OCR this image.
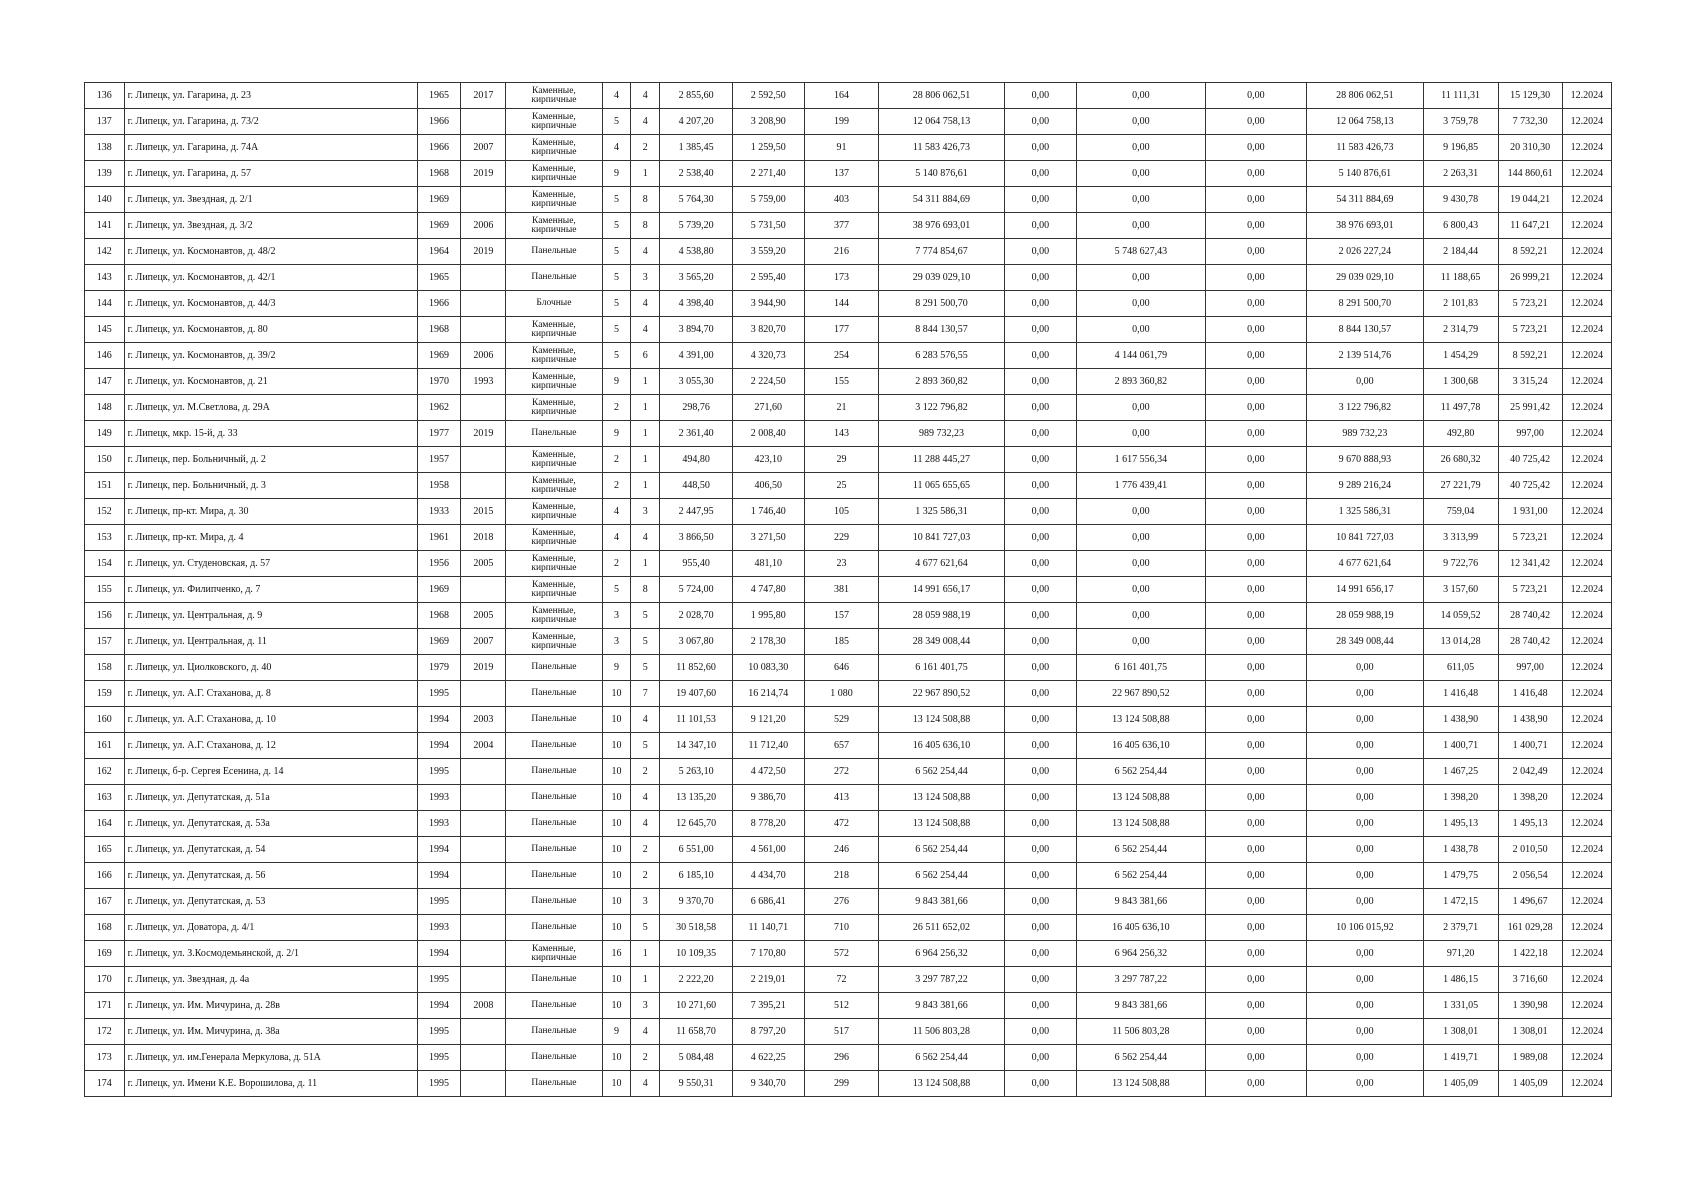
136	г. Липецк, ул. Гагарина, д. 23	1965	2017	Каменные, кирпичные	4	4	2 855,60	2 592,50	164	28 806 062,51	0,00	0,00	0,00	28 806 062,51	11 111,31	15 129,30	12.2024
137	г. Липецк, ул. Гагарина, д. 73/2	1966		Каменные, кирпичные	5	4	4 207,20	3 208,90	199	12 064 758,13	0,00	0,00	0,00	12 064 758,13	3 759,78	7 732,30	12.2024
138	г. Липецк, ул. Гагарина, д. 74А	1966	2007	Каменные, кирпичные	4	2	1 385,45	1 259,50	91	11 583 426,73	0,00	0,00	0,00	11 583 426,73	9 196,85	20 310,30	12.2024
139	г. Липецк, ул. Гагарина, д. 57	1968	2019	Каменные, кирпичные	9	1	2 538,40	2 271,40	137	5 140 876,61	0,00	0,00	0,00	5 140 876,61	2 263,31	144 860,61	12.2024
140	г. Липецк, ул. Звездная, д. 2/1	1969		Каменные, кирпичные	5	8	5 764,30	5 759,00	403	54 311 884,69	0,00	0,00	0,00	54 311 884,69	9 430,78	19 044,21	12.2024
141	г. Липецк, ул. Звездная, д. 3/2	1969	2006	Каменные, кирпичные	5	8	5 739,20	5 731,50	377	38 976 693,01	0,00	0,00	0,00	38 976 693,01	6 800,43	11 647,21	12.2024
142	г. Липецк, ул. Космонавтов, д. 48/2	1964	2019	Панельные	5	4	4 538,80	3 559,20	216	7 774 854,67	0,00	5 748 627,43	0,00	2 026 227,24	2 184,44	8 592,21	12.2024
143	г. Липецк, ул. Космонавтов, д. 42/1	1965		Панельные	5	3	3 565,20	2 595,40	173	29 039 029,10	0,00	0,00	0,00	29 039 029,10	11 188,65	26 999,21	12.2024
144	г. Липецк, ул. Космонавтов, д. 44/3	1966		Блочные	5	4	4 398,40	3 944,90	144	8 291 500,70	0,00	0,00	0,00	8 291 500,70	2 101,83	5 723,21	12.2024
145	г. Липецк, ул. Космонавтов, д. 80	1968		Каменные, кирпичные	5	4	3 894,70	3 820,70	177	8 844 130,57	0,00	0,00	0,00	8 844 130,57	2 314,79	5 723,21	12.2024
146	г. Липецк, ул. Космонавтов, д. 39/2	1969	2006	Каменные, кирпичные	5	6	4 391,00	4 320,73	254	6 283 576,55	0,00	4 144 061,79	0,00	2 139 514,76	1 454,29	8 592,21	12.2024
147	г. Липецк, ул. Космонавтов, д. 21	1970	1993	Каменные, кирпичные	9	1	3 055,30	2 224,50	155	2 893 360,82	0,00	2 893 360,82	0,00	0,00	1 300,68	3 315,24	12.2024
148	г. Липецк, ул. М.Светлова, д. 29А	1962		Каменные, кирпичные	2	1	298,76	271,60	21	3 122 796,82	0,00	0,00	0,00	3 122 796,82	11 497,78	25 991,42	12.2024
149	г. Липецк, мкр. 15-й, д. 33	1977	2019	Панельные	9	1	2 361,40	2 008,40	143	989 732,23	0,00	0,00	0,00	989 732,23	492,80	997,00	12.2024
150	г. Липецк, пер. Больничный, д. 2	1957		Каменные, кирпичные	2	1	494,80	423,10	29	11 288 445,27	0,00	1 617 556,34	0,00	9 670 888,93	26 680,32	40 725,42	12.2024
151	г. Липецк, пер. Больничный, д. 3	1958		Каменные, кирпичные	2	1	448,50	406,50	25	11 065 655,65	0,00	1 776 439,41	0,00	9 289 216,24	27 221,79	40 725,42	12.2024
152	г. Липецк, пр-кт. Мира, д. 30	1933	2015	Каменные, кирпичные	4	3	2 447,95	1 746,40	105	1 325 586,31	0,00	0,00	0,00	1 325 586,31	759,04	1 931,00	12.2024
153	г. Липецк, пр-кт. Мира, д. 4	1961	2018	Каменные, кирпичные	4	4	3 866,50	3 271,50	229	10 841 727,03	0,00	0,00	0,00	10 841 727,03	3 313,99	5 723,21	12.2024
154	г. Липецк, ул. Студеновская, д. 57	1956	2005	Каменные, кирпичные	2	1	955,40	481,10	23	4 677 621,64	0,00	0,00	0,00	4 677 621,64	9 722,76	12 341,42	12.2024
155	г. Липецк, ул. Филипченко, д. 7	1969		Каменные, кирпичные	5	8	5 724,00	4 747,80	381	14 991 656,17	0,00	0,00	0,00	14 991 656,17	3 157,60	5 723,21	12.2024
156	г. Липецк, ул. Центральная, д. 9	1968	2005	Каменные, кирпичные	3	5	2 028,70	1 995,80	157	28 059 988,19	0,00	0,00	0,00	28 059 988,19	14 059,52	28 740,42	12.2024
157	г. Липецк, ул. Центральная, д. 11	1969	2007	Каменные, кирпичные	3	5	3 067,80	2 178,30	185	28 349 008,44	0,00	0,00	0,00	28 349 008,44	13 014,28	28 740,42	12.2024
158	г. Липецк, ул. Циолковского, д. 40	1979	2019	Панельные	9	5	11 852,60	10 083,30	646	6 161 401,75	0,00	6 161 401,75	0,00	0,00	611,05	997,00	12.2024
159	г. Липецк, ул. А.Г. Стаханова, д. 8	1995		Панельные	10	7	19 407,60	16 214,74	1 080	22 967 890,52	0,00	22 967 890,52	0,00	0,00	1 416,48	1 416,48	12.2024
160	г. Липецк, ул. А.Г. Стаханова, д. 10	1994	2003	Панельные	10	4	11 101,53	9 121,20	529	13 124 508,88	0,00	13 124 508,88	0,00	0,00	1 438,90	1 438,90	12.2024
161	г. Липецк, ул. А.Г. Стаханова, д. 12	1994	2004	Панельные	10	5	14 347,10	11 712,40	657	16 405 636,10	0,00	16 405 636,10	0,00	0,00	1 400,71	1 400,71	12.2024
162	г. Липецк, б-р. Сергея Есенина, д. 14	1995		Панельные	10	2	5 263,10	4 472,50	272	6 562 254,44	0,00	6 562 254,44	0,00	0,00	1 467,25	2 042,49	12.2024
163	г. Липецк, ул. Депутатская, д. 51а	1993		Панельные	10	4	13 135,20	9 386,70	413	13 124 508,88	0,00	13 124 508,88	0,00	0,00	1 398,20	1 398,20	12.2024
164	г. Липецк, ул. Депутатская, д. 53а	1993		Панельные	10	4	12 645,70	8 778,20	472	13 124 508,88	0,00	13 124 508,88	0,00	0,00	1 495,13	1 495,13	12.2024
165	г. Липецк, ул. Депутатская, д. 54	1994		Панельные	10	2	6 551,00	4 561,00	246	6 562 254,44	0,00	6 562 254,44	0,00	0,00	1 438,78	2 010,50	12.2024
166	г. Липецк, ул. Депутатская, д. 56	1994		Панельные	10	2	6 185,10	4 434,70	218	6 562 254,44	0,00	6 562 254,44	0,00	0,00	1 479,75	2 056,54	12.2024
167	г. Липецк, ул. Депутатская, д. 53	1995		Панельные	10	3	9 370,70	6 686,41	276	9 843 381,66	0,00	9 843 381,66	0,00	0,00	1 472,15	1 496,67	12.2024
168	г. Липецк, ул. Доватора, д. 4/1	1993		Панельные	10	5	30 518,58	11 140,71	710	26 511 652,02	0,00	16 405 636,10	0,00	10 106 015,92	2 379,71	161 029,28	12.2024
169	г. Липецк, ул. З.Космодемьянской, д. 2/1	1994		Каменные, кирпичные	16	1	10 109,35	7 170,80	572	6 964 256,32	0,00	6 964 256,32	0,00	0,00	971,20	1 422,18	12.2024
170	г. Липецк, ул. Звездная, д. 4а	1995		Панельные	10	1	2 222,20	2 219,01	72	3 297 787,22	0,00	3 297 787,22	0,00	0,00	1 486,15	3 716,60	12.2024
171	г. Липецк, ул. Им. Мичурина, д. 28в	1994	2008	Панельные	10	3	10 271,60	7 395,21	512	9 843 381,66	0,00	9 843 381,66	0,00	0,00	1 331,05	1 390,98	12.2024
172	г. Липецк, ул. Им. Мичурина, д. 38а	1995		Панельные	9	4	11 658,70	8 797,20	517	11 506 803,28	0,00	11 506 803,28	0,00	0,00	1 308,01	1 308,01	12.2024
173	г. Липецк, ул. им.Генерала Меркулова, д. 51А	1995		Панельные	10	2	5 084,48	4 622,25	296	6 562 254,44	0,00	6 562 254,44	0,00	0,00	1 419,71	1 989,08	12.2024
174	г. Липецк, ул. Имени К.Е. Ворошилова, д. 11	1995		Панельные	10	4	9 550,31	9 340,70	299	13 124 508,88	0,00	13 124 508,88	0,00	0,00	1 405,09	1 405,09	12.2024
